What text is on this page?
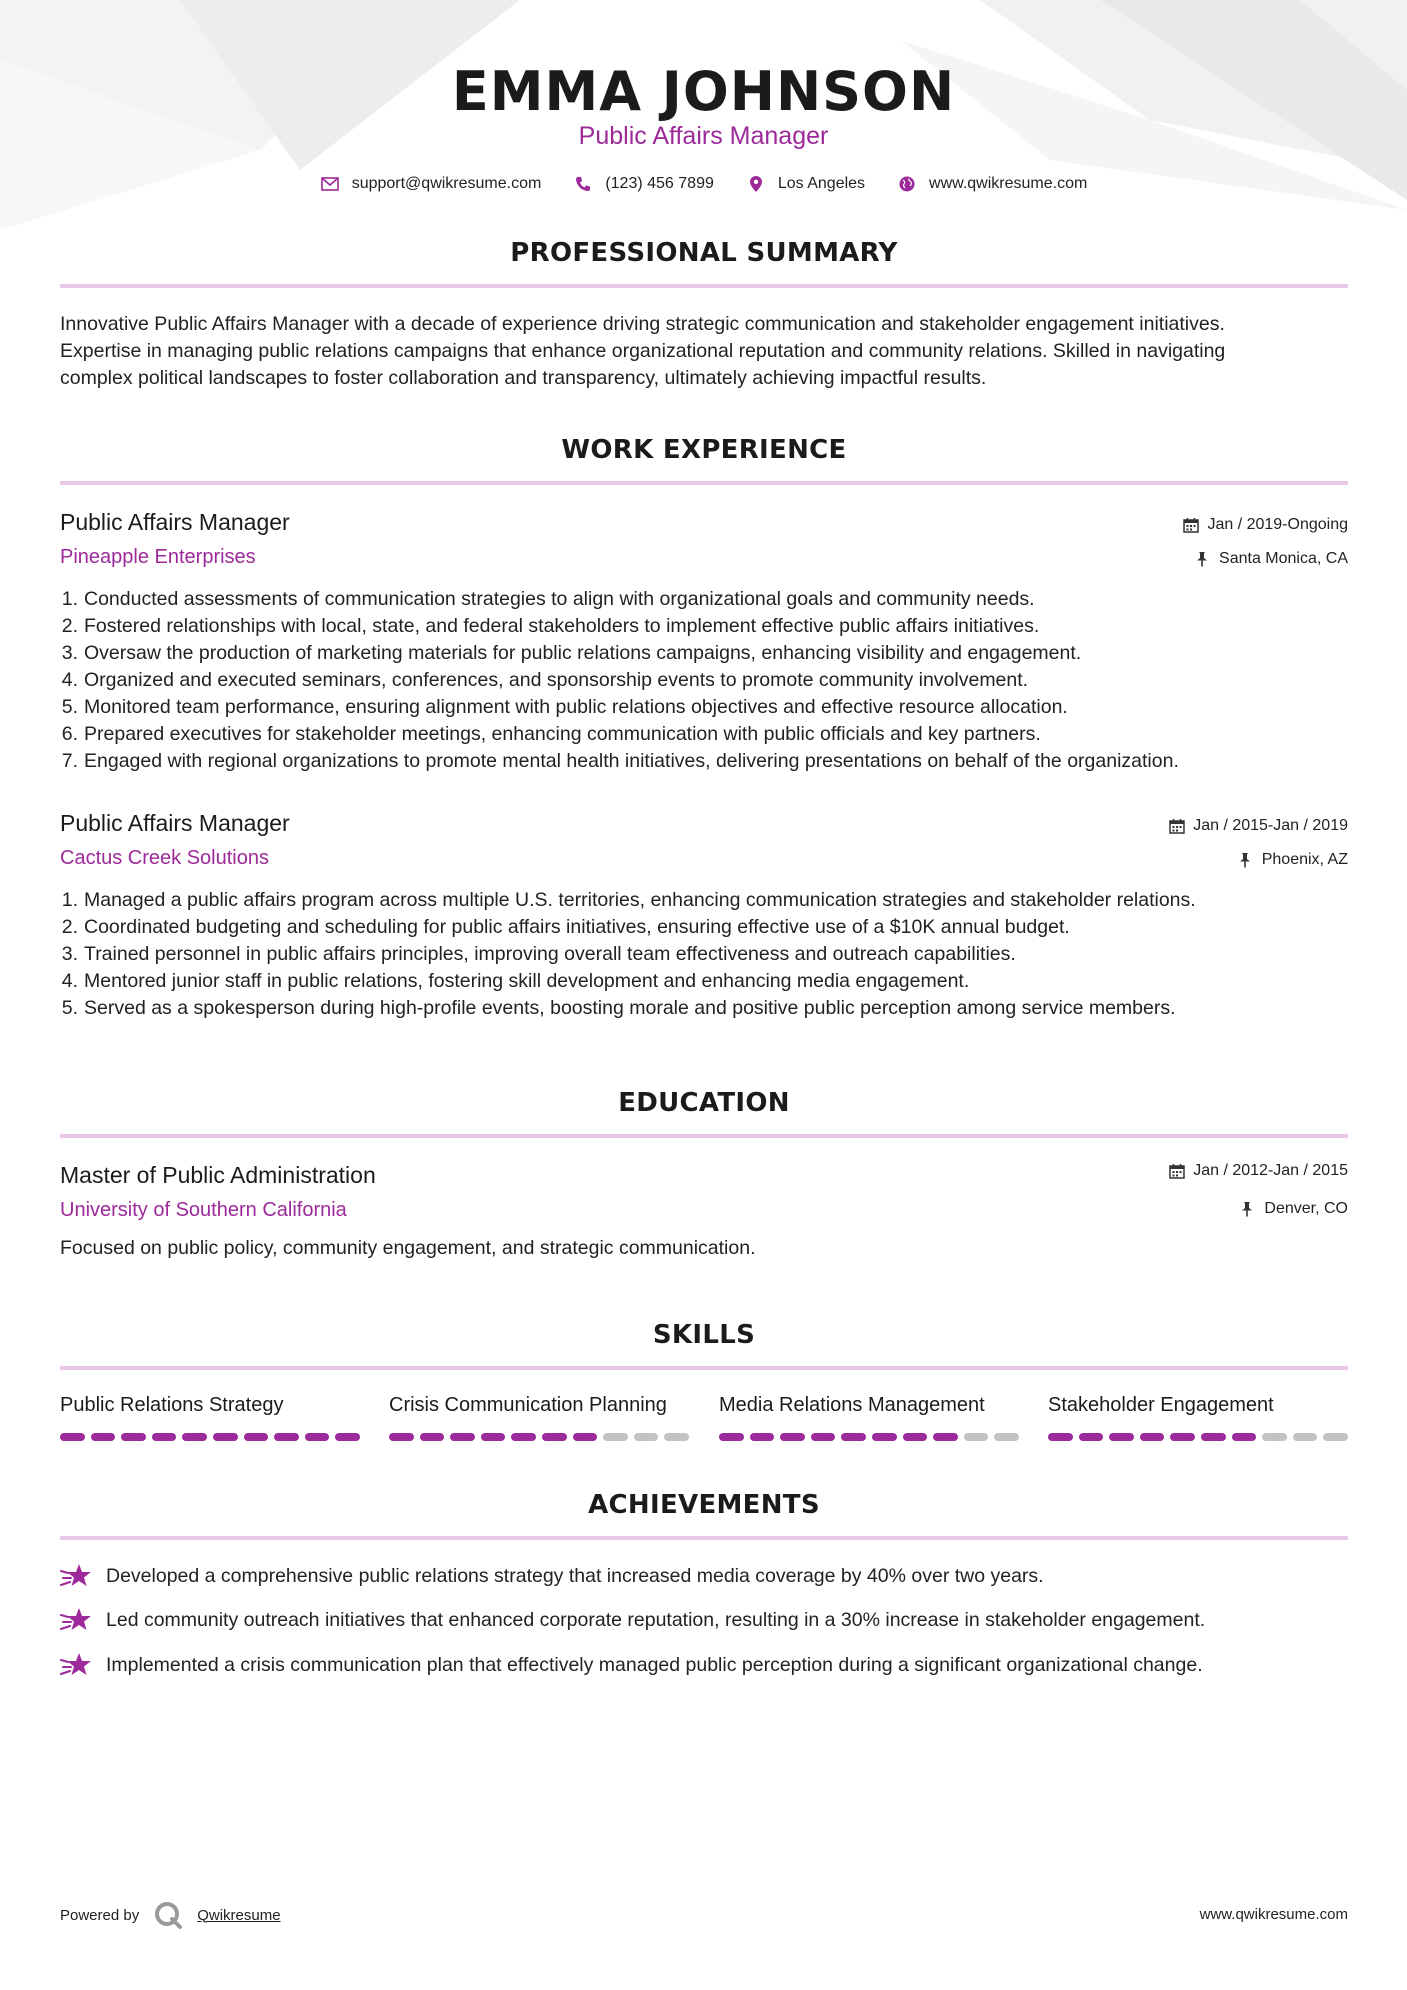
EMMA JOHNSON
Public Affairs Manager
support@qwikresume.com	(123) 456 7899	Los Angeles	www.qwikresume.com
PROFESSIONAL SUMMARY
Innovative Public Affairs Manager with a decade of experience driving strategic communication and stakeholder engagement initiatives.
Expertise in managing public relations campaigns that enhance organizational reputation and community relations. Skilled in navigating
complex political landscapes to foster collaboration and transparency, ultimately achieving impactful results.
WORK EXPERIENCE
Public Affairs Manager
Pineapple Enterprises
Jan / 2019-Ongoing
Santa Monica, CA
1. Conducted assessments of communication strategies to align with organizational goals and community needs.
2. Fostered relationships with local, state, and federal stakeholders to implement effective public affairs initiatives.
3. Oversaw the production of marketing materials for public relations campaigns, enhancing visibility and engagement.
4. Organized and executed seminars, conferences, and sponsorship events to promote community involvement.
5. Monitored team performance, ensuring alignment with public relations objectives and effective resource allocation.
6. Prepared executives for stakeholder meetings, enhancing communication with public officials and key partners.
7. Engaged with regional organizations to promote mental health initiatives, delivering presentations on behalf of the organization.
Public Affairs Manager
Cactus Creek Solutions
Jan / 2015-Jan / 2019
Phoenix, AZ
1. Managed a public affairs program across multiple U.S. territories, enhancing communication strategies and stakeholder relations.
2. Coordinated budgeting and scheduling for public affairs initiatives, ensuring effective use of a $10K annual budget.
3. Trained personnel in public affairs principles, improving overall team effectiveness and outreach capabilities.
4. Mentored junior staff in public relations, fostering skill development and enhancing media engagement.
5. Served as a spokesperson during high-profile events, boosting morale and positive public perception among service members.
EDUCATION
Master of Public Administration
University of Southern California
Jan / 2012-Jan / 2015
Denver, CO
Focused on public policy, community engagement, and strategic communication.
SKILLS
Public Relations Strategy	Crisis Communication Planning	Media Relations Management	Stakeholder Engagement
ACHIEVEMENTS
Developed a comprehensive public relations strategy that increased media coverage by 40% over two years.
Led community outreach initiatives that enhanced corporate reputation, resulting in a 30% increase in stakeholder engagement.
Implemented a crisis communication plan that effectively managed public perception during a significant organizational change.
Powered by	Qwikresume	www.qwikresume.com
